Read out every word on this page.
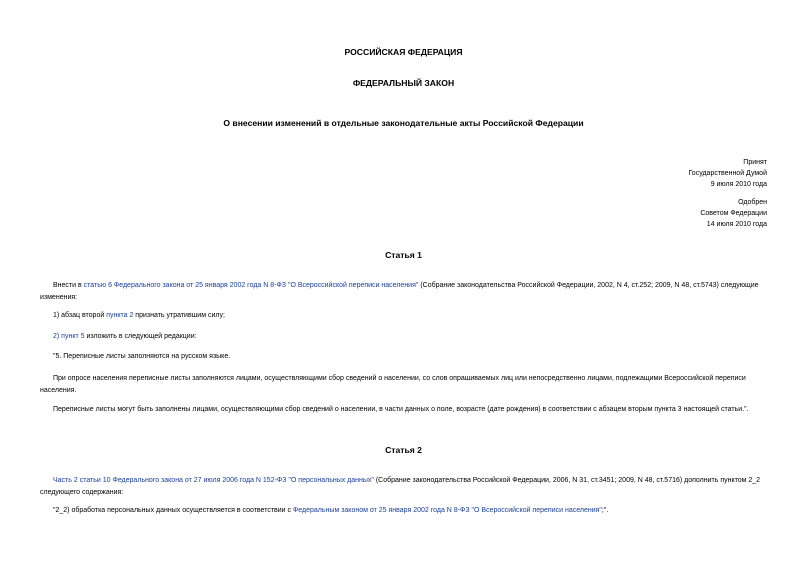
РОССИЙСКАЯ ФЕДЕРАЦИЯ
ФЕДЕРАЛЬНЫЙ ЗАКОН
О внесении изменений в отдельные законодательные акты Российской Федерации
Принят
Государственной Думой
9 июля 2010 года
Одобрен
Советом Федерации
14 июля 2010 года
Статья 1
Внести в статью 6 Федерального закона от 25 января 2002 года N 8-ФЗ "О Всероссийской переписи населения" (Собрание законодательства Российской Федерации, 2002, N 4, ст.252; 2009, N 48, ст.5743) следующие изменения:
1) абзац второй пункта 2 признать утратившим силу;
2) пункт 5 изложить в следующей редакции:
"5. Переписные листы заполняются на русском языке.
При опросе населения переписные листы заполняются лицами, осуществляющими сбор сведений о населении, со слов опрашиваемых лиц или непосредственно лицами, подлежащими Всероссийской переписи населения.
Переписные листы могут быть заполнены лицами, осуществляющими сбор сведений о населении, в части данных о поле, возрасте (дате рождения) в соответствии с абзацем вторым пункта 3 настоящей статьи.".
Статья 2
Часть 2 статьи 10 Федерального закона от 27 июля 2006 года N 152-ФЗ "О персональных данных" (Собрание законодательства Российской Федерации, 2006, N 31, ст.3451; 2009, N 48, ст.5716) дополнить пунктом 2_2 следующего содержания:
"2_2) обработка персональных данных осуществляется в соответствии с Федеральным законом от 25 января 2002 года N 8-ФЗ "О Всероссийской переписи населения";".
